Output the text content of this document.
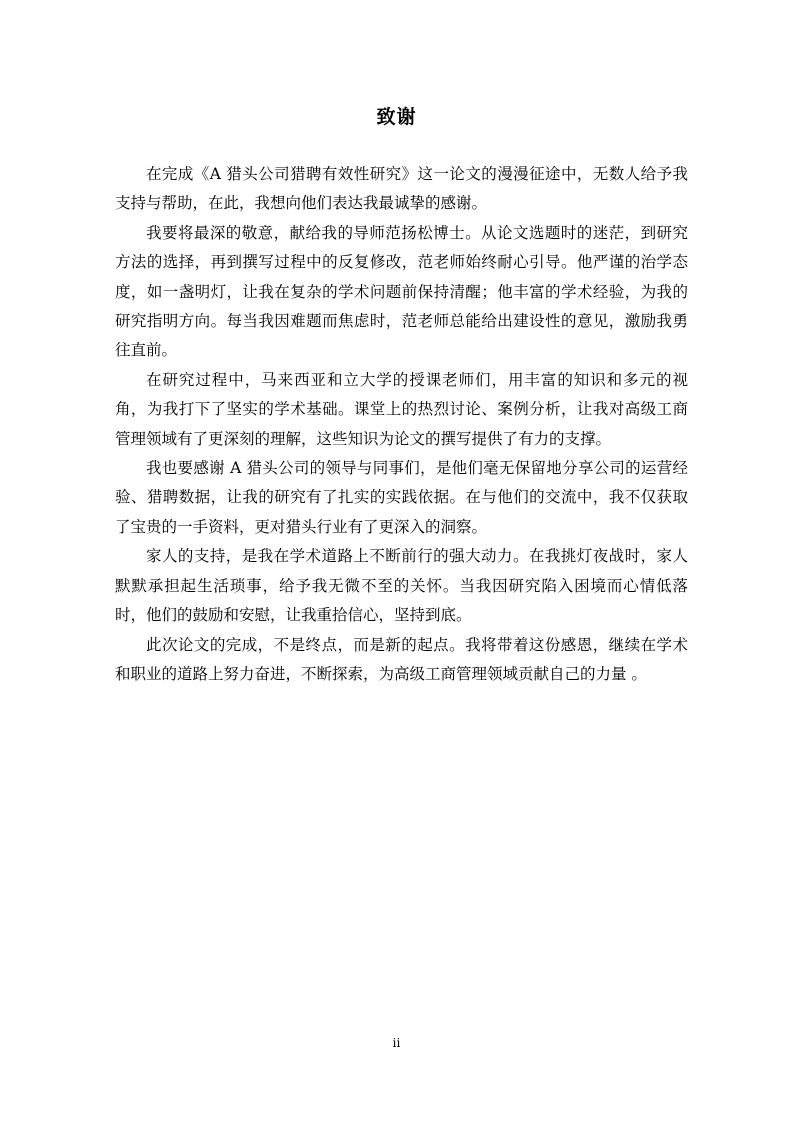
致谢

在完成《A 猎头公司猎聘有效性研究》这一论文的漫漫征途中，无数人给予我支持与帮助，在此，我想向他们表达我最诚挚的感谢。

我要将最深的敬意，献给我的导师范扬松博士。从论文选题时的迷茫，到研究方法的选择，再到撰写过程中的反复修改，范老师始终耐心引导。他严谨的治学态度，如一盏明灯，让我在复杂的学术问题前保持清醒；他丰富的学术经验，为我的研究指明方向。每当我因难题而焦虑时，范老师总能给出建设性的意见，激励我勇往直前。

在研究过程中，马来西亚和立大学的授课老师们，用丰富的知识和多元的视角，为我打下了坚实的学术基础。课堂上的热烈讨论、案例分析，让我对高级工商管理领域有了更深刻的理解，这些知识为论文的撰写提供了有力的支撑。

我也要感谢 A 猎头公司的领导与同事们，是他们毫无保留地分享公司的运营经验、猎聘数据，让我的研究有了扎实的实践依据。在与他们的交流中，我不仅获取了宝贵的一手资料，更对猎头行业有了更深入的洞察。

家人的支持，是我在学术道路上不断前行的强大动力。在我挑灯夜战时，家人默默承担起生活琐事，给予我无微不至的关怀。当我因研究陷入困境而心情低落时，他们的鼓励和安慰，让我重拾信心，坚持到底。

此次论文的完成，不是终点，而是新的起点。我将带着这份感恩，继续在学术和职业的道路上努力奋进，不断探索，为高级工商管理领域贡献自己的力量 。

ii
